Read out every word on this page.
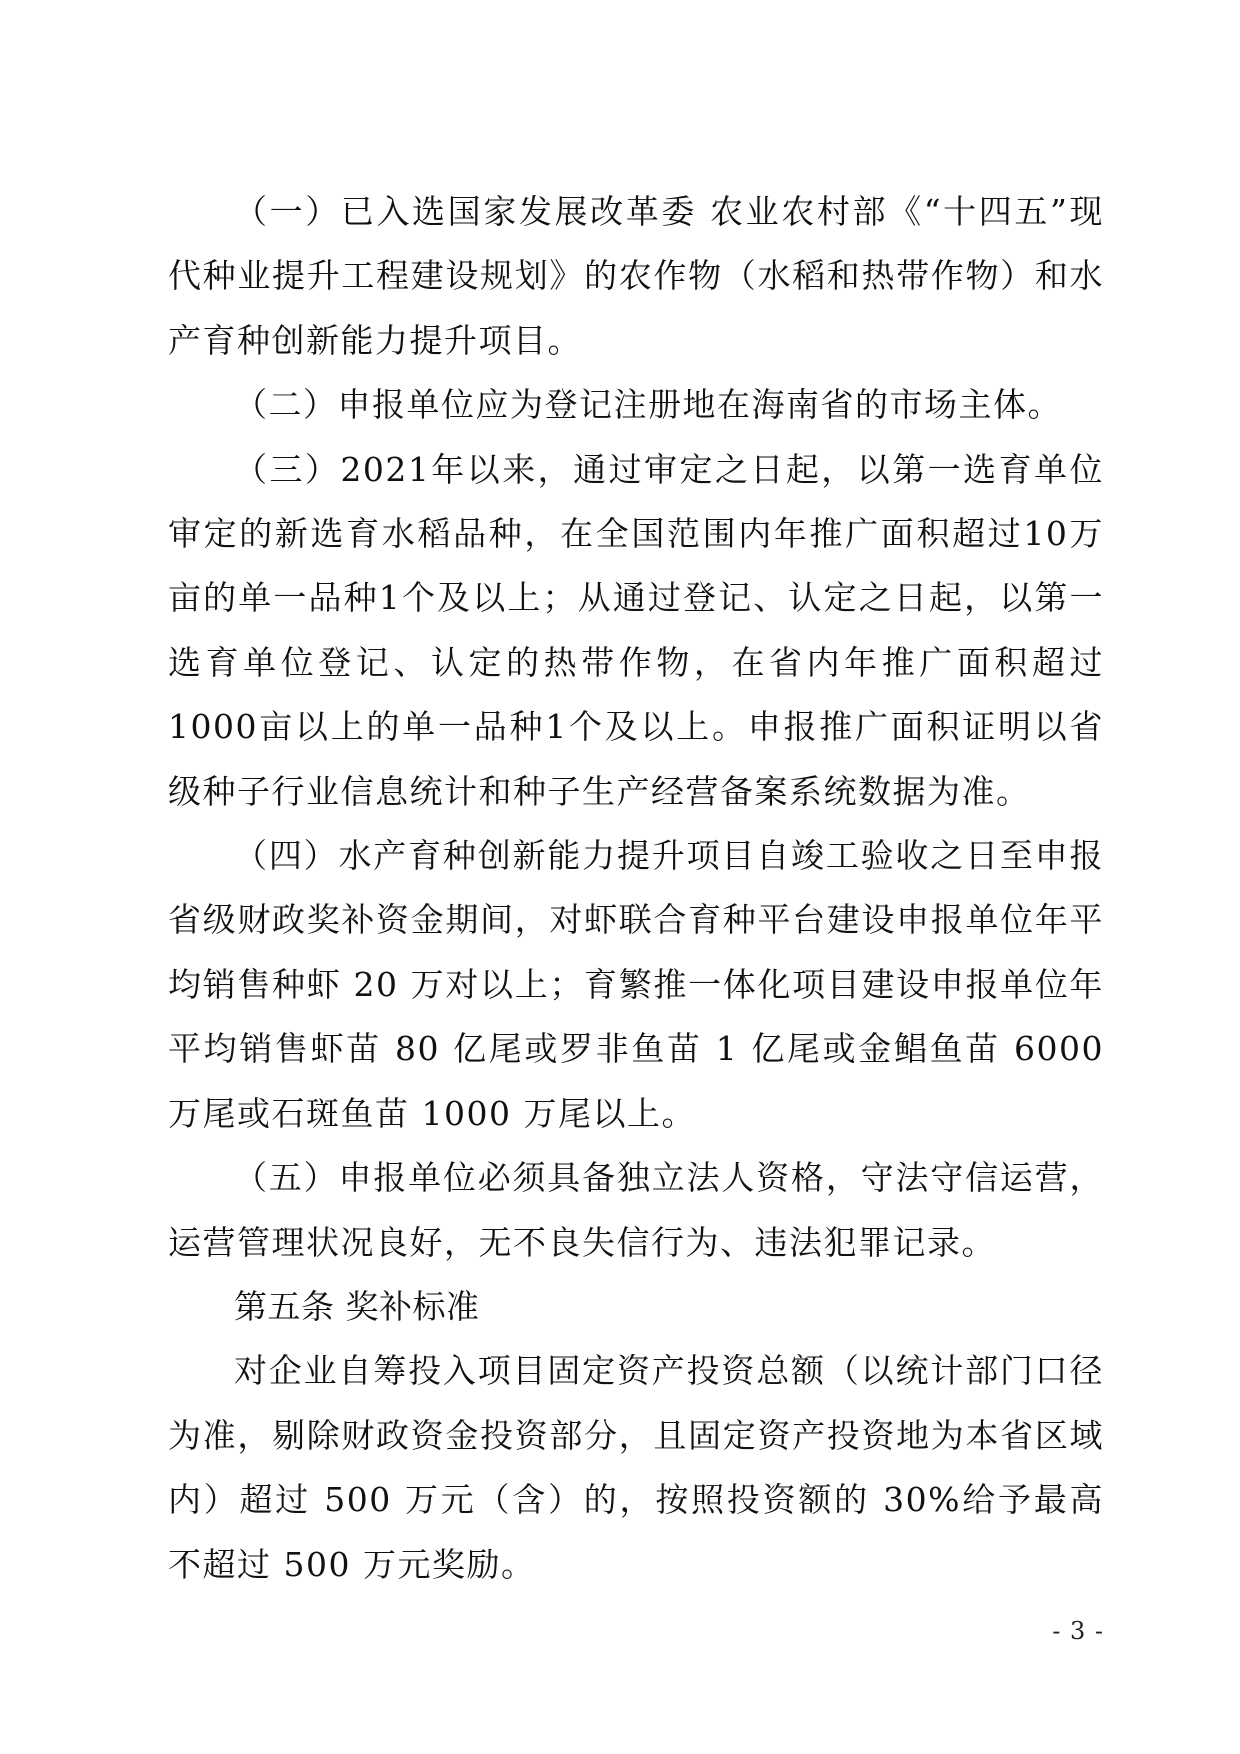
（一）已入选国家发展改革委 农业农村部《“十四五”现代种业提升工程建设规划》的农作物（水稻和热带作物）和水产育种创新能力提升项目。

（二）申报单位应为登记注册地在海南省的市场主体。

（三）2021年以来，通过审定之日起，以第一选育单位审定的新选育水稻品种，在全国范围内年推广面积超过10万亩的单一品种1个及以上；从通过登记、认定之日起，以第一选育单位登记、认定的热带作物，在省内年推广面积超过1000亩以上的单一品种1个及以上。申报推广面积证明以省级种子行业信息统计和种子生产经营备案系统数据为准。

（四）水产育种创新能力提升项目自竣工验收之日至申报省级财政奖补资金期间，对虾联合育种平台建设申报单位年平均销售种虾 20 万对以上；育繁推一体化项目建设申报单位年平均销售虾苗 80 亿尾或罗非鱼苗 1 亿尾或金鲳鱼苗 6000 万尾或石斑鱼苗 1000 万尾以上。

（五）申报单位必须具备独立法人资格，守法守信运营，运营管理状况良好，无不良失信行为、违法犯罪记录。

第五条 奖补标准

对企业自筹投入项目固定资产投资总额（以统计部门口径为准，剔除财政资金投资部分，且固定资产投资地为本省区域内）超过 500 万元（含）的，按照投资额的 30%给予最高不超过 500 万元奖励。

- 3 -
